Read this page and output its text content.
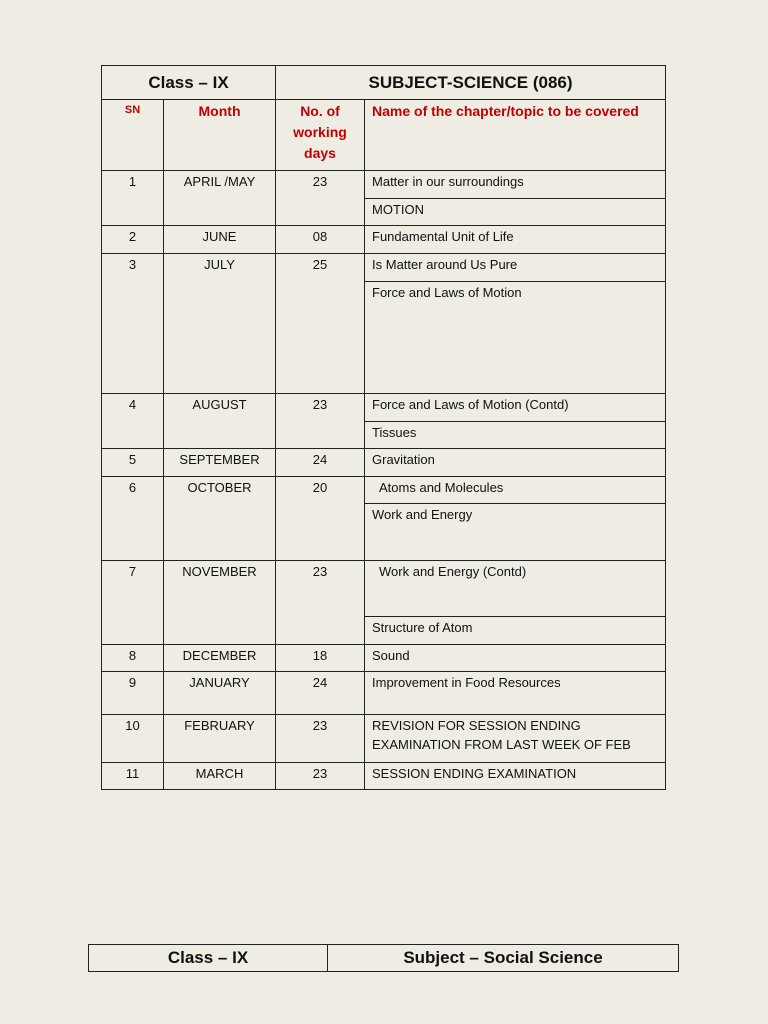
Class – IX		SUBJECT-SCIENCE (086)	
SN	Month	No. of working days	Name of the chapter/topic to be covered
1	APRIL /MAY	23	Matter in our surroundings
			MOTION
2	JUNE	08	Fundamental Unit of Life
3	JULY	25	Is Matter around Us Pure
			Force and Laws of Motion
4	AUGUST	23	Force and Laws of Motion (Contd)
			Tissues
5	SEPTEMBER	24	Gravitation
6	OCTOBER	20	Atoms and Molecules
			Work and Energy
7	NOVEMBER	23	Work and Energy (Contd)
			Structure of Atom
8	DECEMBER	18	Sound
9	JANUARY	24	Improvement in Food Resources
10	FEBRUARY	23	REVISION FOR SESSION ENDING EXAMINATION FROM LAST WEEK OF FEB
11	MARCH	23	SESSION ENDING EXAMINATION
Class – IX	Subject – Social Science
